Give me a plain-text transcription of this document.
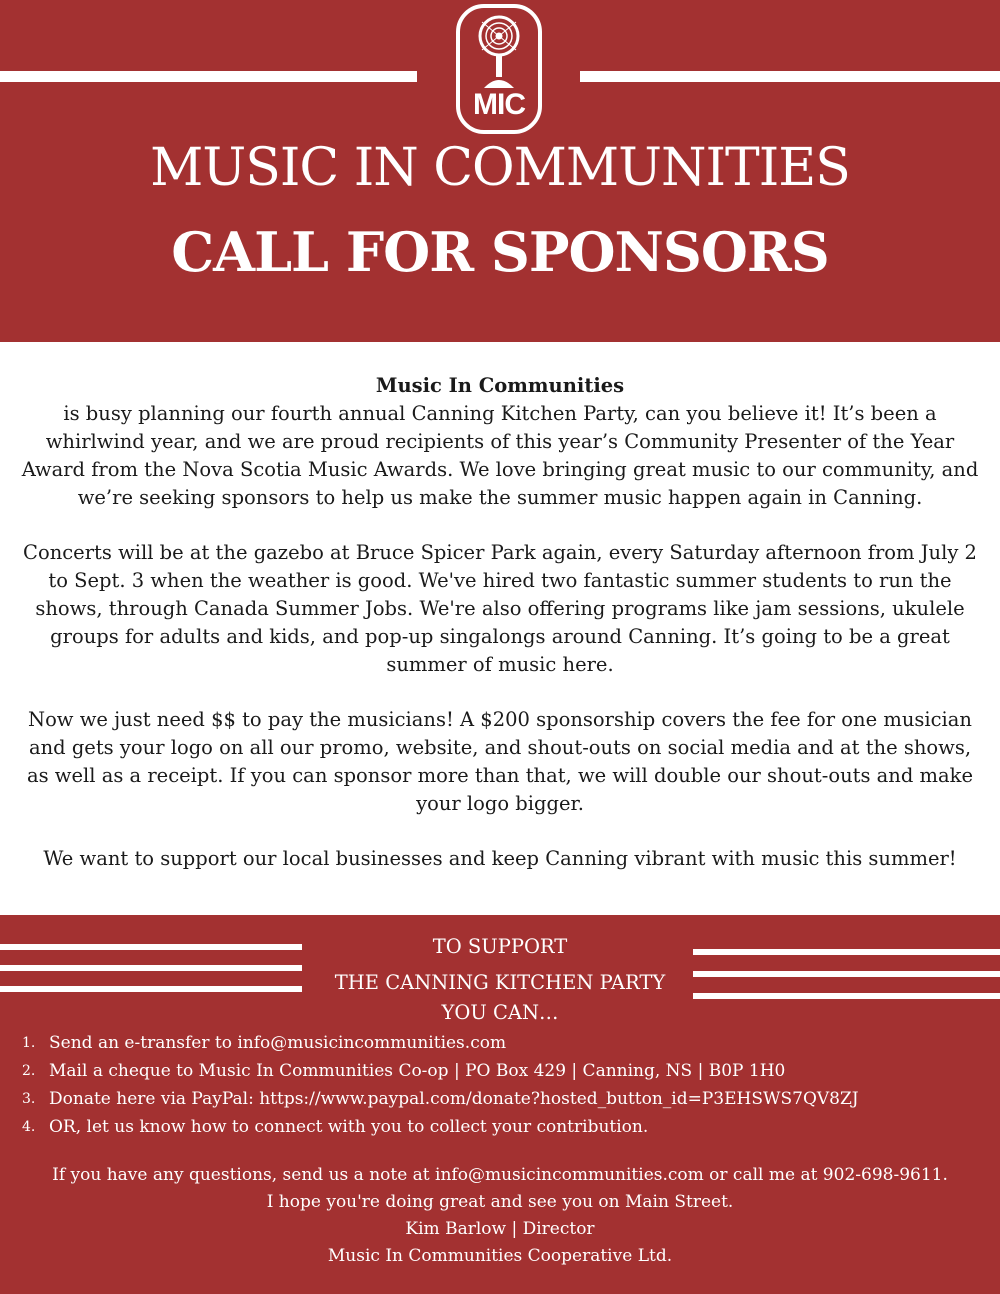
MIC
MUSIC IN COMMUNITIES
CALL FOR SPONSORS

Music In Communities
is busy planning our fourth annual Canning Kitchen Party, can you believe it! It’s been a whirlwind year, and we are proud recipients of this year’s Community Presenter of the Year Award from the Nova Scotia Music Awards. We love bringing great music to our community, and we’re seeking sponsors to help us make the summer music happen again in Canning.

Concerts will be at the gazebo at Bruce Spicer Park again, every Saturday afternoon from July 2 to Sept. 3 when the weather is good. We've hired two fantastic summer students to run the shows, through Canada Summer Jobs. We're also offering programs like jam sessions, ukulele groups for adults and kids, and pop-up singalongs around Canning. It’s going to be a great summer of music here.

Now we just need $$ to pay the musicians! A $200 sponsorship covers the fee for one musician and gets your logo on all our promo, website, and shout-outs on social media and at the shows, as well as a receipt. If you can sponsor more than that, we will double our shout-outs and make your logo bigger.

We want to support our local businesses and keep Canning vibrant with music this summer!

TO SUPPORT
THE CANNING KITCHEN PARTY
YOU CAN…
1. Send an e-transfer to info@musicincommunities.com
2. Mail a cheque to Music In Communities Co-op | PO Box 429 | Canning, NS | B0P 1H0
3. Donate here via PayPal: https://www.paypal.com/donate?hosted_button_id=P3EHSWS7QV8ZJ
4. OR, let us know how to connect with you to collect your contribution.
If you have any questions, send us a note at info@musicincommunities.com or call me at 902-698-9611.
I hope you're doing great and see you on Main Street.
Kim Barlow | Director
Music In Communities Cooperative Ltd.
